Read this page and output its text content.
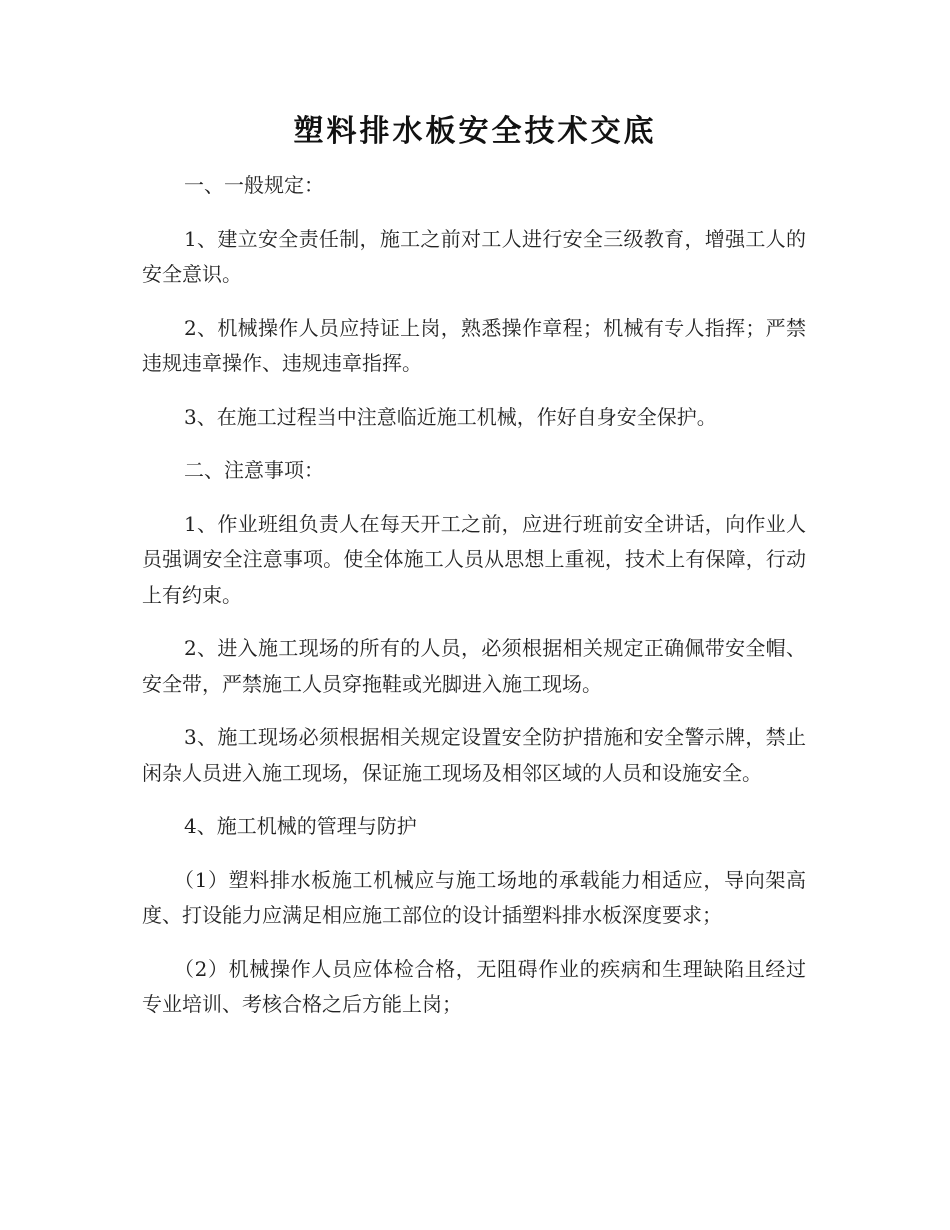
塑料排水板安全技术交底

一、一般规定：

1、建立安全责任制，施工之前对工人进行安全三级教育，增强工人的安全意识。

2、机械操作人员应持证上岗，熟悉操作章程；机械有专人指挥；严禁违规违章操作、违规违章指挥。

3、在施工过程当中注意临近施工机械，作好自身安全保护。

二、注意事项：

1、作业班组负责人在每天开工之前，应进行班前安全讲话，向作业人员强调安全注意事项。使全体施工人员从思想上重视，技术上有保障，行动上有约束。

2、进入施工现场的所有的人员，必须根据相关规定正确佩带安全帽、安全带，严禁施工人员穿拖鞋或光脚进入施工现场。

3、施工现场必须根据相关规定设置安全防护措施和安全警示牌，禁止闲杂人员进入施工现场，保证施工现场及相邻区域的人员和设施安全。

4、施工机械的管理与防护

（1）塑料排水板施工机械应与施工场地的承载能力相适应，导向架高度、打设能力应满足相应施工部位的设计插塑料排水板深度要求；

（2）机械操作人员应体检合格，无阻碍作业的疾病和生理缺陷且经过专业培训、考核合格之后方能上岗；
